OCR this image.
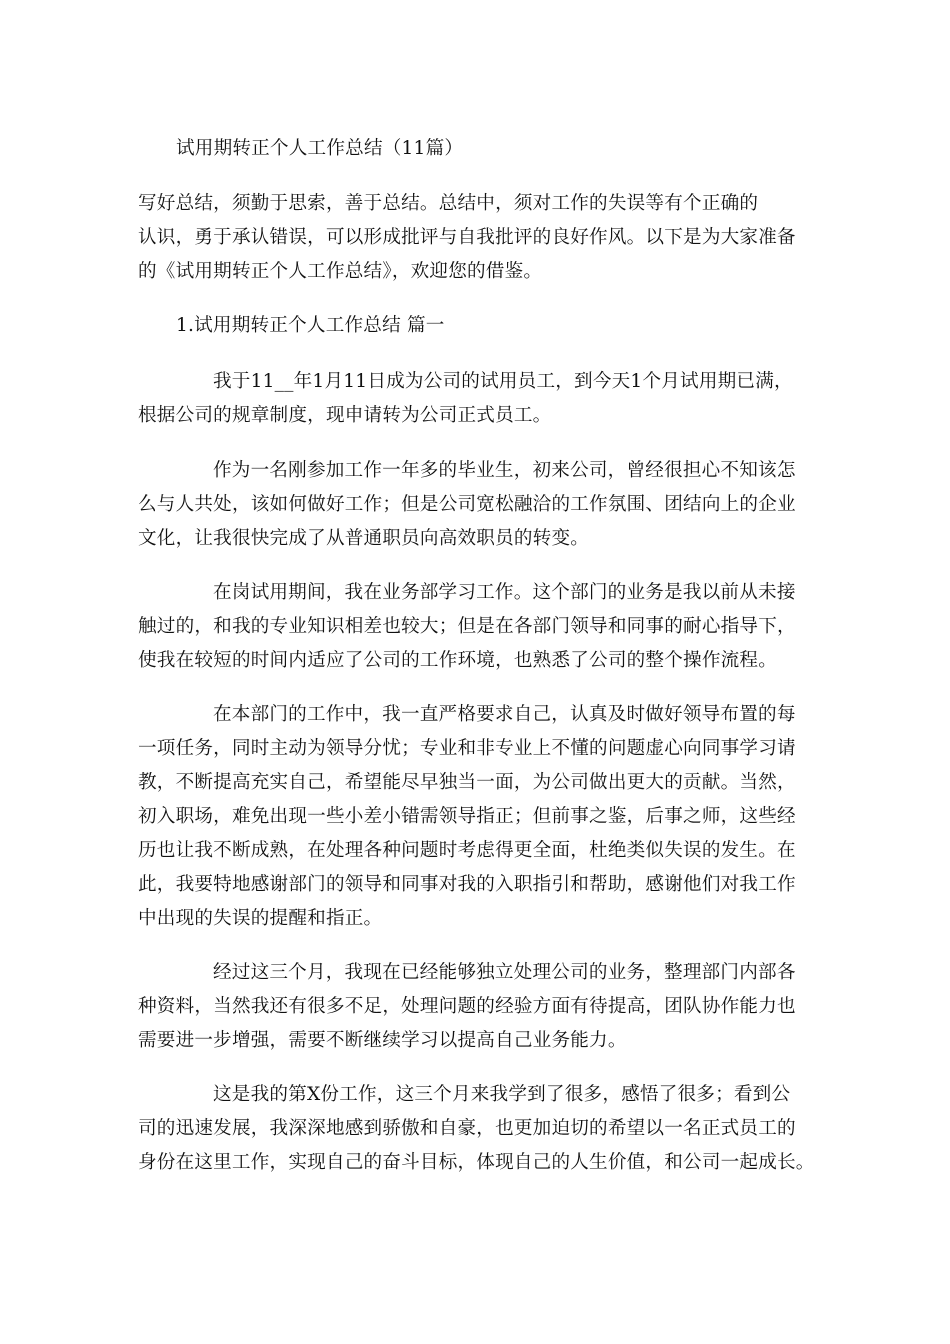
试用期转正个人工作总结（11篇）
写好总结，须勤于思索，善于总结。总结中，须对工作的失误等有个正确的
认识，勇于承认错误，可以形成批评与自我批评的良好作风。以下是为大家准备
的《试用期转正个人工作总结》，欢迎您的借鉴。
1.试用期转正个人工作总结 篇一
我于11__年1月11日成为公司的试用员工，到今天1个月试用期已满，
根据公司的规章制度，现申请转为公司正式员工。
作为一名刚参加工作一年多的毕业生，初来公司，曾经很担心不知该怎
么与人共处，该如何做好工作；但是公司宽松融洽的工作氛围、团结向上的企业
文化，让我很快完成了从普通职员向高效职员的转变。
在岗试用期间，我在业务部学习工作。这个部门的业务是我以前从未接
触过的，和我的专业知识相差也较大；但是在各部门领导和同事的耐心指导下，
使我在较短的时间内适应了公司的工作环境，也熟悉了公司的整个操作流程。
在本部门的工作中，我一直严格要求自己，认真及时做好领导布置的每
一项任务，同时主动为领导分忧；专业和非专业上不懂的问题虚心向同事学习请
教，不断提高充实自己，希望能尽早独当一面，为公司做出更大的贡献。当然，
初入职场，难免出现一些小差小错需领导指正；但前事之鉴，后事之师，这些经
历也让我不断成熟，在处理各种问题时考虑得更全面，杜绝类似失误的发生。在
此，我要特地感谢部门的领导和同事对我的入职指引和帮助，感谢他们对我工作
中出现的失误的提醒和指正。
经过这三个月，我现在已经能够独立处理公司的业务，整理部门内部各
种资料，当然我还有很多不足，处理问题的经验方面有待提高，团队协作能力也
需要进一步增强，需要不断继续学习以提高自己业务能力。
这是我的第X份工作，这三个月来我学到了很多，感悟了很多；看到公
司的迅速发展，我深深地感到骄傲和自豪，也更加迫切的希望以一名正式员工的
身份在这里工作，实现自己的奋斗目标，体现自己的人生价值，和公司一起成长。
